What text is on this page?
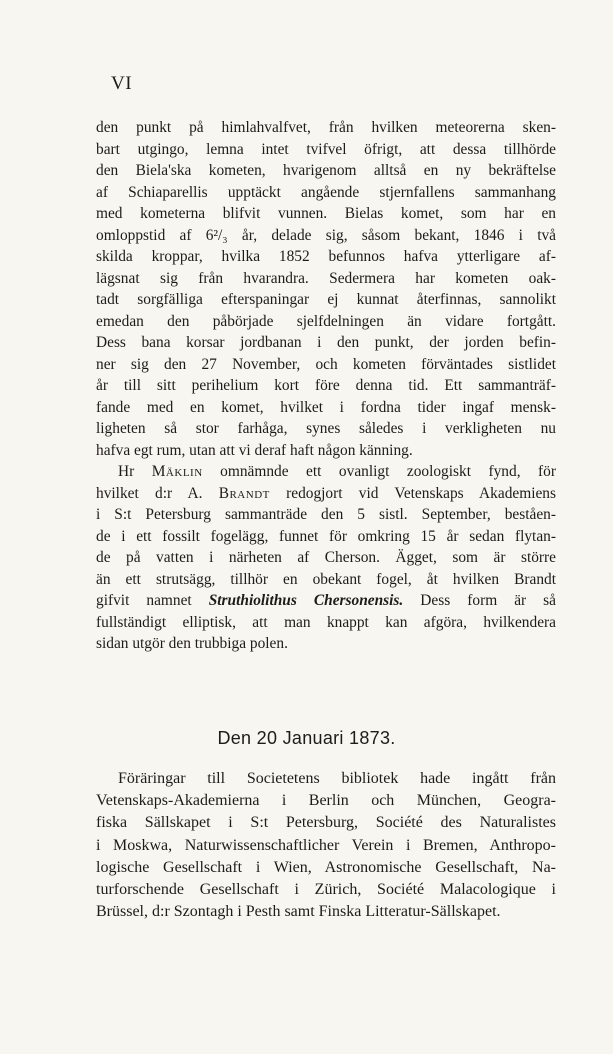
VI
den punkt på himlahvalfvet, från hvilken meteorerna sken-
bart utgingo, lemna intet tvifvel öfrigt, att dessa tillhörde
den Biela'ska kometen, hvarigenom alltså en ny bekräftelse
af Schiaparellis upptäckt angående stjernfallens sammanhang
med kometerna blifvit vunnen. Bielas komet, som har en
omloppstid af 6²/₃ år, delade sig, såsom bekant, 1846 i två
skilda kroppar, hvilka 1852 befunnos hafva ytterligare af-
lägsnat sig från hvarandra. Sedermera har kometen oak-
tadt sorgfälliga efterspaningar ej kunnat återfinnas, sannolikt
emedan den påbörjade sjelfdelningen än vidare fortgått.
Dess bana korsar jordbanan i den punkt, der jorden befin-
ner sig den 27 November, och kometen förväntades sistlidet
år till sitt perihelium kort före denna tid. Ett sammanträf-
fande med en komet, hvilket i fordna tider ingaf mensk-
ligheten så stor farhåga, synes således i verkligheten nu
hafva egt rum, utan att vi deraf haft någon känning.
Hr Mäklin omnämnde ett ovanligt zoologiskt fynd, för
hvilket d:r A. Brandt redogjort vid Vetenskaps Akademiens
i S:t Petersburg sammanträde den 5 sistl. September, beståen-
de i ett fossilt fogelägg, funnet för omkring 15 år sedan flytan-
de på vatten i närheten af Cherson. Ägget, som är större
än ett strutsägg, tillhör en obekant fogel, åt hvilken Brandt
gifvit namnet Struthiolithus Chersonensis. Dess form är så
fullständigt elliptisk, att man knappt kan afgöra, hvilkendera
sidan utgör den trubbiga polen.
Den 20 Januari 1873.
Föräringar till Societetens bibliotek hade ingått från
Vetenskaps-Akademierna i Berlin och München, Geogra-
fiska Sällskapet i S:t Petersburg, Société des Naturalistes
i Moskwa, Naturwissenschaftlicher Verein i Bremen, Anthropo-
logische Gesellschaft i Wien, Astronomische Gesellschaft, Na-
turforschende Gesellschaft i Zürich, Société Malacologique i
Brüssel, d:r Szontagh i Pesth samt Finska Litteratur-Sällskapet.
